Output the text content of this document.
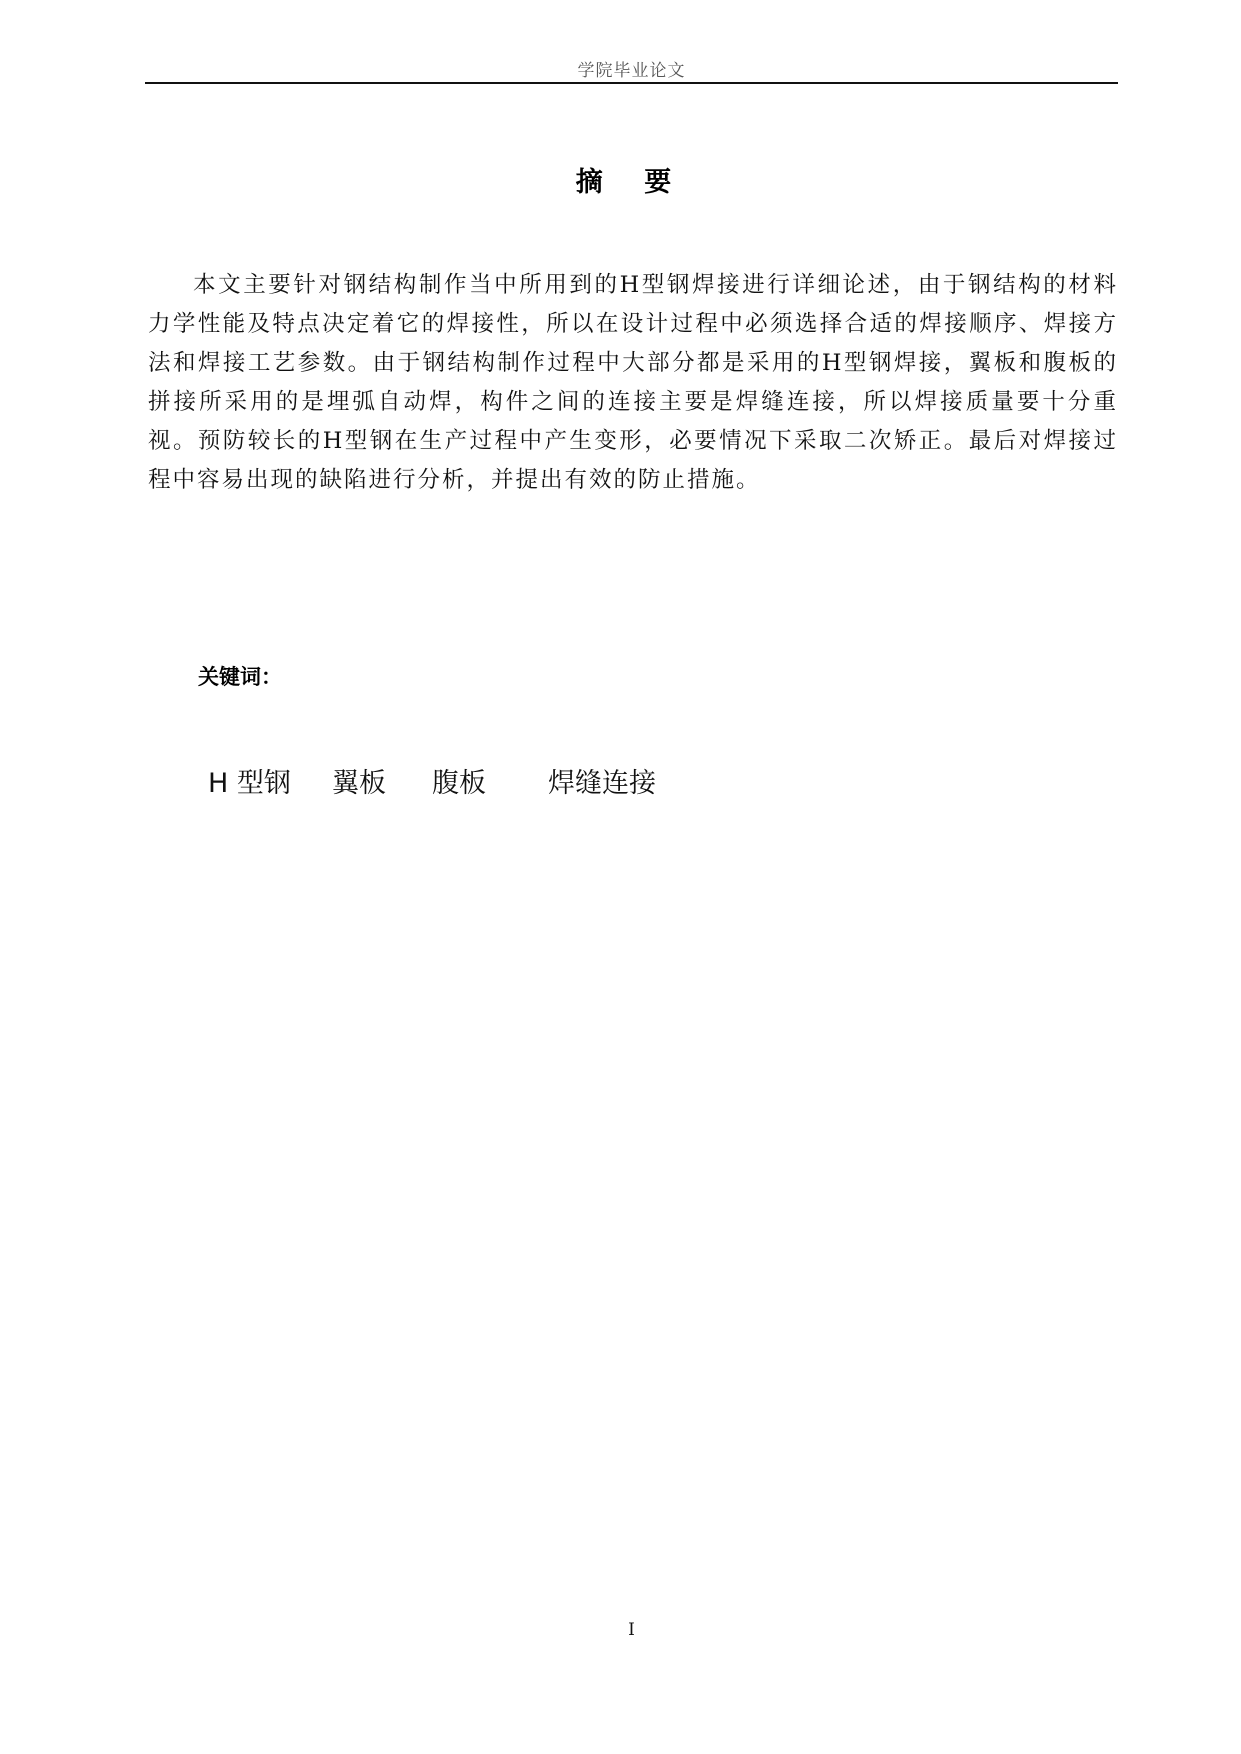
学院毕业论文
摘 要

本文主要针对钢结构制作当中所用到的H型钢焊接进行详细论述，由于钢结构的材料力学性能及特点决定着它的焊接性，所以在设计过程中必须选择合适的焊接顺序、焊接方法和焊接工艺参数。由于钢结构制作过程中大部分都是采用的H型钢焊接，翼板和腹板的拼接所采用的是埋弧自动焊，构件之间的连接主要是焊缝连接，所以焊接质量要十分重视。预防较长的H型钢在生产过程中产生变形，必要情况下采取二次矫正。最后对焊接过程中容易出现的缺陷进行分析，并提出有效的防止措施。

关键词：
H 型钢 翼板 腹板 焊缝连接
I
